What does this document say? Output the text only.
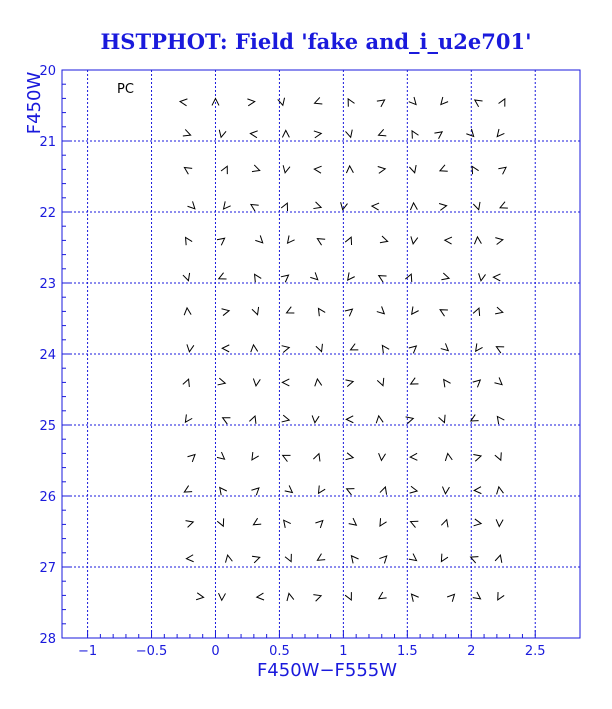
HSTPHOT: Field 'fake and_i_u2e701'
−1	−0.5	0	0.5	1	1.5	2	2.5
20
21
22
23
24
25
26
27
28
PC
F450W−F555W
F450W
